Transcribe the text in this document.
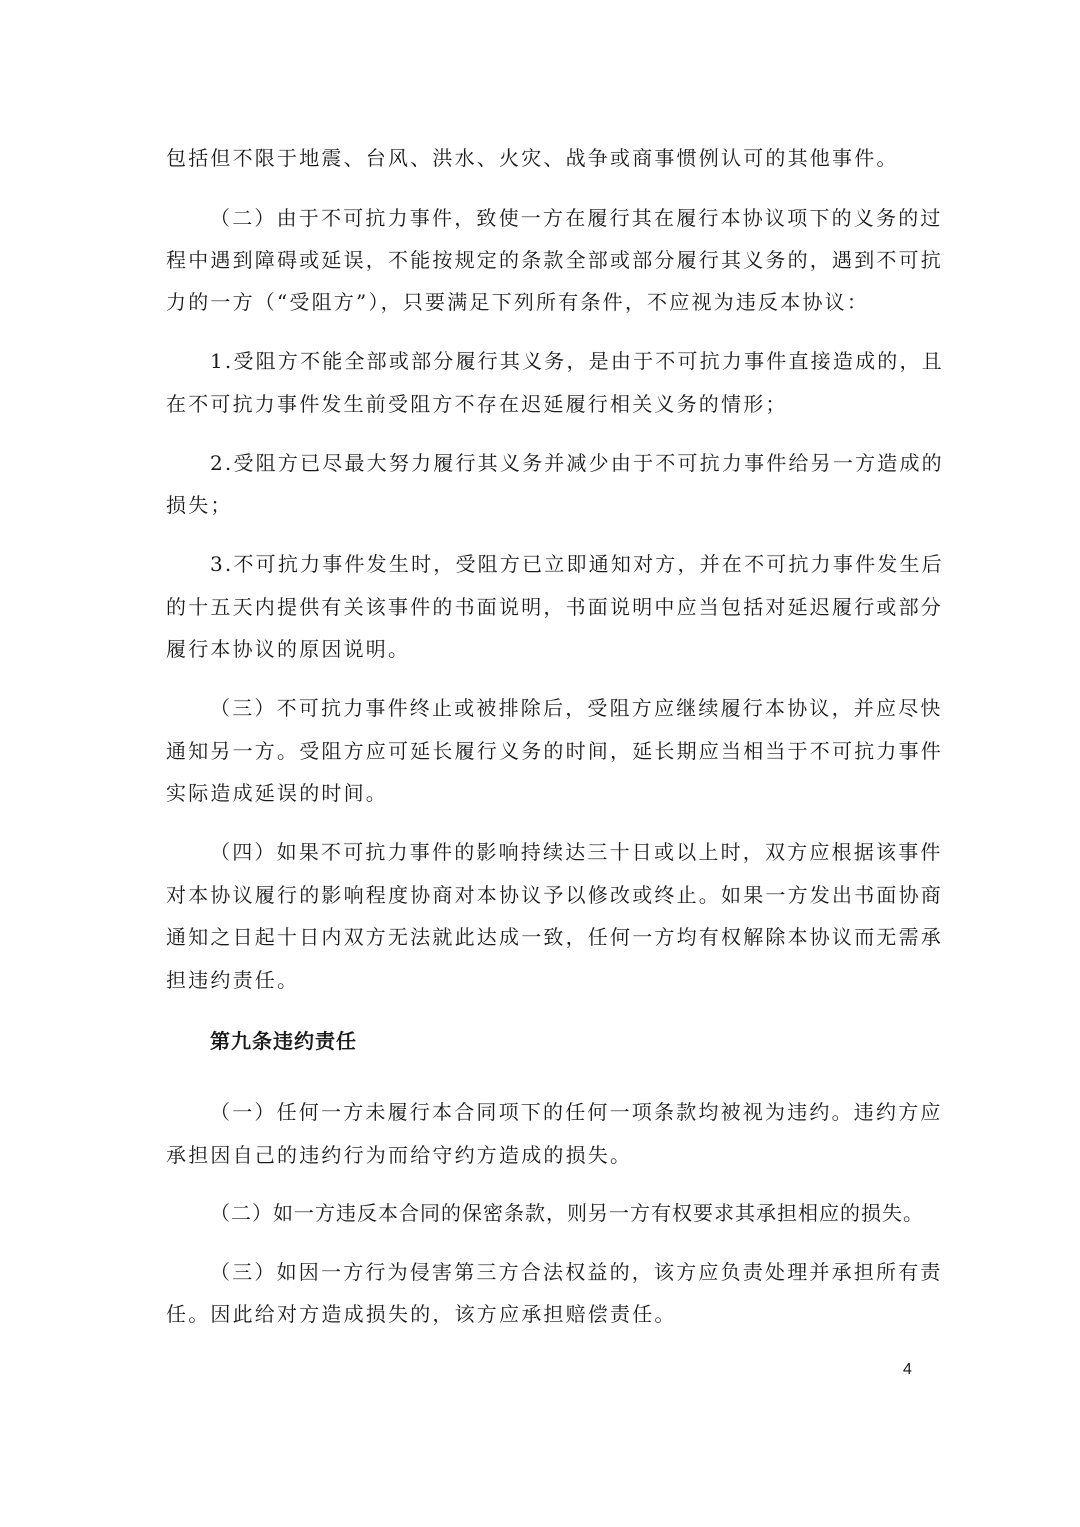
包括但不限于地震、台风、洪水、火灾、战争或商事惯例认可的其他事件。
（二）由于不可抗力事件，致使一方在履行其在履行本协议项下的义务的过
程中遇到障碍或延误，不能按规定的条款全部或部分履行其义务的，遇到不可抗
力的一方（“受阻方”），只要满足下列所有条件，不应视为违反本协议：
1.受阻方不能全部或部分履行其义务，是由于不可抗力事件直接造成的，且
在不可抗力事件发生前受阻方不存在迟延履行相关义务的情形；
2.受阻方已尽最大努力履行其义务并减少由于不可抗力事件给另一方造成的
损失；
3.不可抗力事件发生时，受阻方已立即通知对方，并在不可抗力事件发生后
的十五天内提供有关该事件的书面说明，书面说明中应当包括对延迟履行或部分
履行本协议的原因说明。
（三）不可抗力事件终止或被排除后，受阻方应继续履行本协议，并应尽快
通知另一方。受阻方应可延长履行义务的时间，延长期应当相当于不可抗力事件
实际造成延误的时间。
（四）如果不可抗力事件的影响持续达三十日或以上时，双方应根据该事件
对本协议履行的影响程度协商对本协议予以修改或终止。如果一方发出书面协商
通知之日起十日内双方无法就此达成一致，任何一方均有权解除本协议而无需承
担违约责任。
第九条违约责任
（一）任何一方未履行本合同项下的任何一项条款均被视为违约。违约方应
承担因自己的违约行为而给守约方造成的损失。
（二）如一方违反本合同的保密条款，则另一方有权要求其承担相应的损失。
（三）如因一方行为侵害第三方合法权益的，该方应负责处理并承担所有责
任。因此给对方造成损失的，该方应承担赔偿责任。
4
